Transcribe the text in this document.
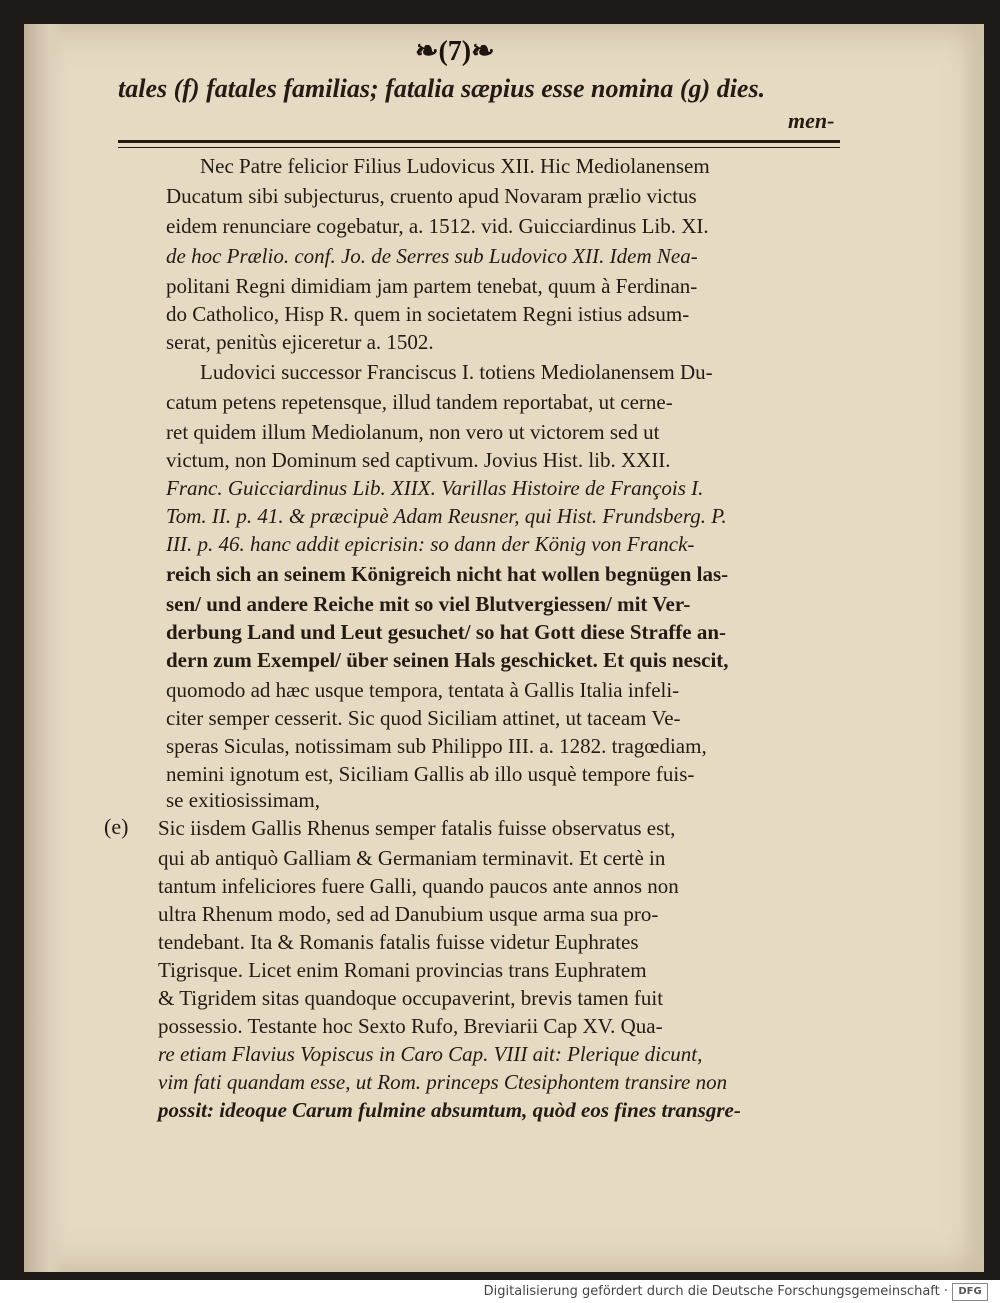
❧(7)❧
tales (f) fatales familias; fatalia sæpius esse nomina (g) dies.
men-
Nec Patre felicior Filius Ludovicus XII. Hic Mediolanensem
Ducatum sibi subjecturus, cruento apud Novaram prælio victus
eidem renunciare cogebatur, a. 1512. vid. Guicciardinus Lib. XI.
de hoc Prælio. conf. Jo. de Serres sub Ludovico XII. Idem Nea-
politani Regni dimidiam jam partem tenebat, quum à Ferdinan-
do Catholico, Hisp R. quem in societatem Regni istius adsum-
serat, penitùs ejiceretur a. 1502.
Ludovici successor Franciscus I. totiens Mediolanensem Du-
catum petens repetensque, illud tandem reportabat, ut cerne-
ret quidem illum Mediolanum, non vero ut victorem sed ut
victum, non Dominum sed captivum. Jovius Hist. lib. XXII.
Franc. Guicciardinus Lib. XIIX. Varillas Histoire de François I.
Tom. II. p. 41. & præcipuè Adam Reusner, qui Hist. Frundsberg. P.
III. p. 46. hanc addit epicrisin: so dann der König von Franck-
reich sich an seinem Königreich nicht hat wollen begnügen las-
sen/ und andere Reiche mit so viel Blutvergiessen/ mit Ver-
derbung Land und Leut gesuchet/ so hat Gott diese Straffe an-
dern zum Exempel/ über seinen Hals geschicket. Et quis nescit,
quomodo ad hæc usque tempora, tentata à Gallis Italia infeli-
citer semper cesserit. Sic quod Siciliam attinet, ut taceam Ve-
speras Siculas, notissimam sub Philippo III. a. 1282. tragœdiam,
nemini ignotum est, Siciliam Gallis ab illo usquè tempore fuis-
se exitiosissimam,
(e) Sic iisdem Gallis Rhenus semper fatalis fuisse observatus est,
qui ab antiquò Galliam & Germaniam terminavit. Et certè in
tantum infeliciores fuere Galli, quando paucos ante annos non
ultra Rhenum modo, sed ad Danubium usque arma sua pro-
tendebant. Ita & Romanis fatalis fuisse videtur Euphrates
Tigrisque. Licet enim Romani provincias trans Euphratem
& Tigridem sitas quandoque occupaverint, brevis tamen fuit
possessio. Testante hoc Sexto Rufo, Breviarii Cap XV. Qua-
re etiam Flavius Vopiscus in Caro Cap. VIII ait: Plerique dicunt,
vim fati quandam esse, ut Rom. princeps Ctesiphontem transire non
possit: ideoque Carum fulmine absumtum, quòd eos fines transgre-
Digitalisierung gefördert durch die Deutsche Forschungsgemeinschaft ·	DFG
